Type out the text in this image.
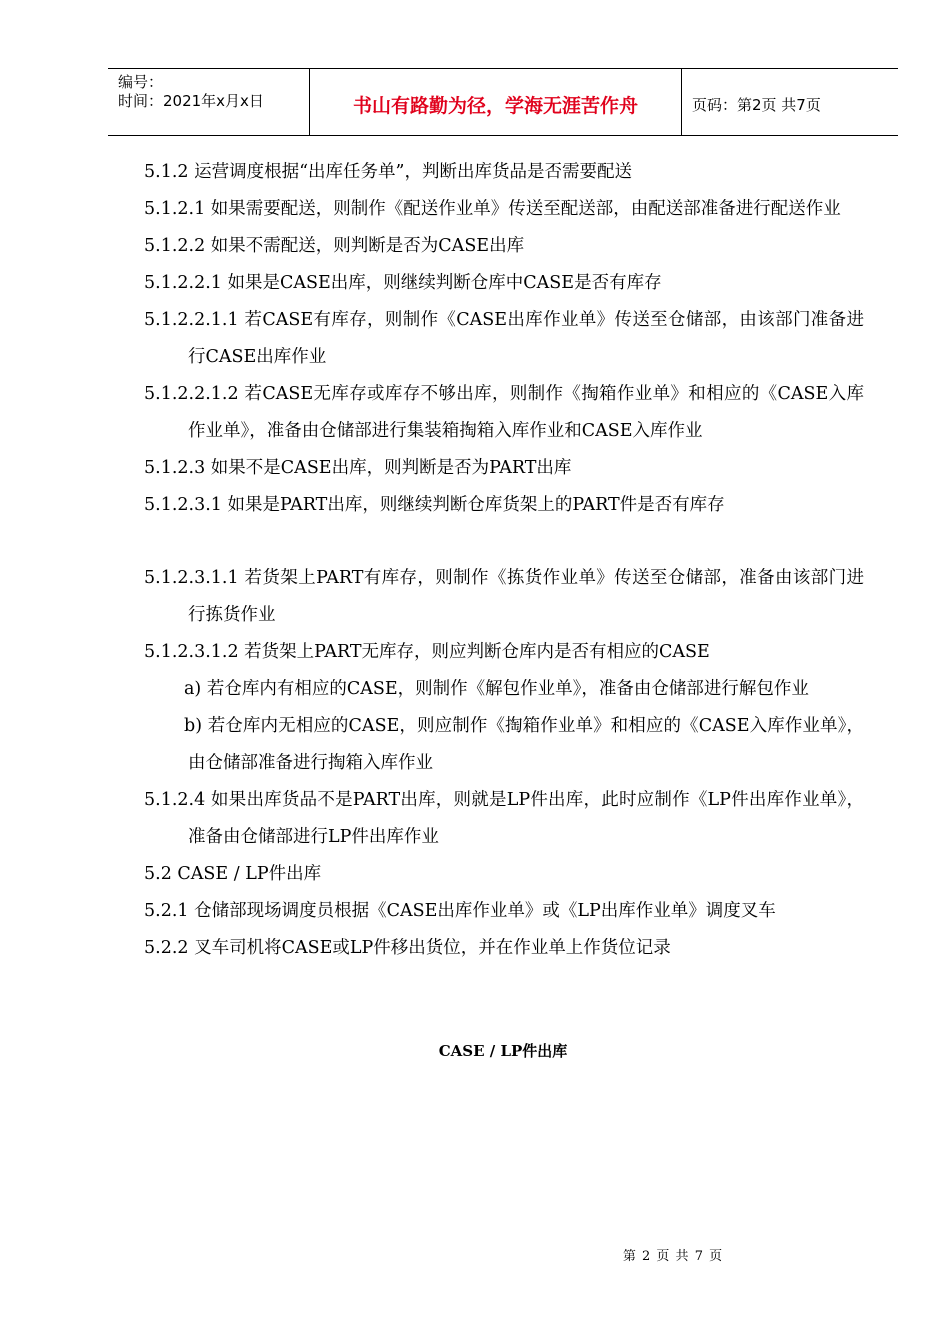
编号：
时间：2021年x月x日	书山有路勤为径，学海无涯苦作舟	页码：第2页 共7页
5.1.2 运营调度根据“出库任务单”，判断出库货品是否需要配送
5.1.2.1 如果需要配送，则制作《配送作业单》传送至配送部，由配送部准备进行配送作业
5.1.2.2 如果不需配送，则判断是否为CASE出库
5.1.2.2.1 如果是CASE出库，则继续判断仓库中CASE是否有库存
5.1.2.2.1.1 若CASE有库存，则制作《CASE出库作业单》传送至仓储部，由该部门准备进行CASE出库作业
5.1.2.2.1.2 若CASE无库存或库存不够出库，则制作《掏箱作业单》和相应的《CASE入库作业单》，准备由仓储部进行集装箱掏箱入库作业和CASE入库作业
5.1.2.3 如果不是CASE出库，则判断是否为PART出库
5.1.2.3.1 如果是PART出库，则继续判断仓库货架上的PART件是否有库存
5.1.2.3.1.1 若货架上PART有库存，则制作《拣货作业单》传送至仓储部，准备由该部门进行拣货作业
5.1.2.3.1.2 若货架上PART无库存，则应判断仓库内是否有相应的CASE
a) 若仓库内有相应的CASE，则制作《解包作业单》，准备由仓储部进行解包作业
b) 若仓库内无相应的CASE，则应制作《掏箱作业单》和相应的《CASE入库作业单》，由仓储部准备进行掏箱入库作业
5.1.2.4 如果出库货品不是PART出库，则就是LP件出库，此时应制作《LP件出库作业单》，准备由仓储部进行LP件出库作业
5.2 CASE / LP件出库
5.2.1 仓储部现场调度员根据《CASE出库作业单》或《LP出库作业单》调度叉车
5.2.2 叉车司机将CASE或LP件移出货位，并在作业单上作货位记录
CASE / LP件出库
第 2 页 共 7 页
